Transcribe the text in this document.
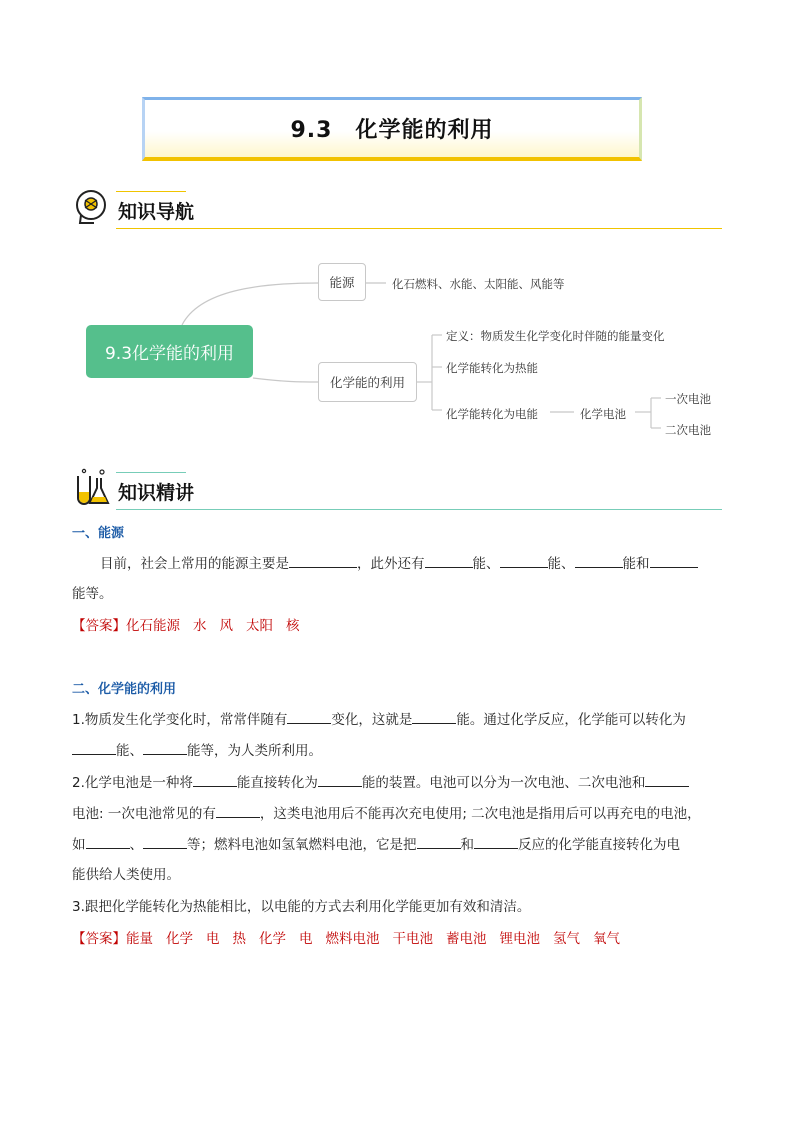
9.3　化学能的利用
知识导航
9.3化学能的利用
能源	化石燃料、水能、太阳能、风能等
化学能的利用
定义：物质发生化学变化时伴随的能量变化
化学能转化为热能
化学能转化为电能	化学电池
一次电池
二次电池
知识精讲
一、能源
目前，社会上常用的能源主要是	，此外还有	能、	能、	能和
能等。
【答案】化石能源 水 风 太阳 核
二、化学能的利用
1.物质发生化学变化时，常常伴随有	变化，这就是	能。通过化学反应，化学能可以转化为
能、	能等，为人类所利用。
2.化学电池是一种将	能直接转化为	能的装置。电池可以分为一次电池、二次电池和
电池: 一次电池常见的有	，这类电池用后不能再次充电使用; 二次电池是指用后可以再充电的电池，
如	、	等；燃料电池如氢氧燃料电池，它是把	和	反应的化学能直接转化为电
能供给人类使用。
3.跟把化学能转化为热能相比，以电能的方式去利用化学能更加有效和清洁。
【答案】能量 化学 电 热 化学 电 燃料电池 干电池 蓄电池 锂电池 氢气 氧气
